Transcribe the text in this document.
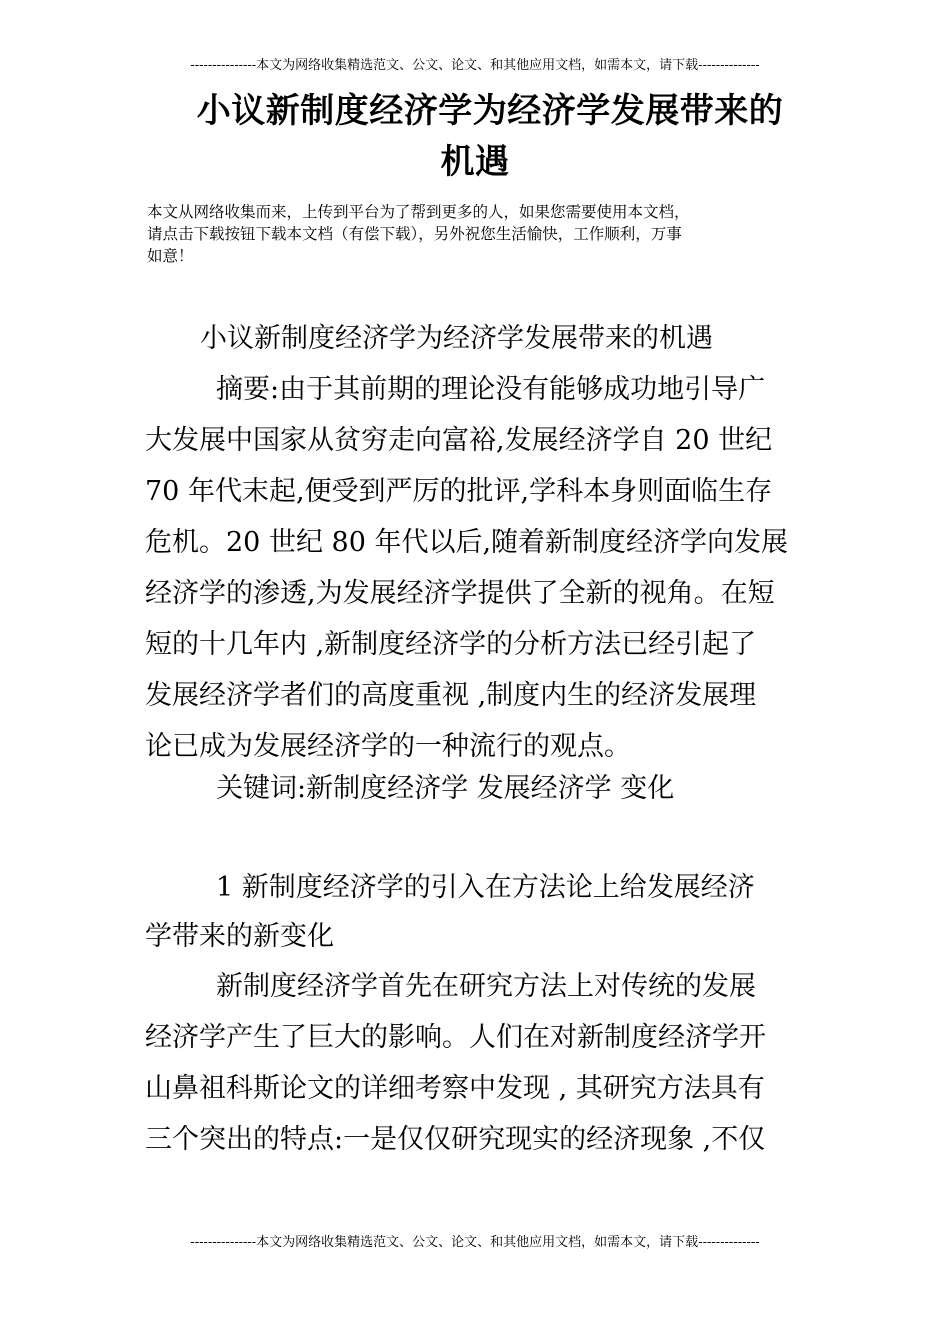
---------------本文为网络收集精选范文、公文、论文、和其他应用文档，如需本文，请下载--------------
小议新制度经济学为经济学发展带来的
机遇
本文从网络收集而来，上传到平台为了帮到更多的人，如果您需要使用本文档，
请点击下载按钮下载本文档（有偿下载），另外祝您生活愉快，工作顺利，万事
如意！
小议新制度经济学为经济学发展带来的机遇
摘要:由于其前期的理论没有能够成功地引导广
大发展中国家从贫穷走向富裕,发展经济学自 20 世纪
70 年代末起,便受到严厉的批评,学科本身则面临生存
危机。20 世纪 80 年代以后,随着新制度经济学向发展
经济学的渗透,为发展经济学提供了全新的视角。在短
短的十几年内 ,新制度经济学的分析方法已经引起了
发展经济学者们的高度重视 ,制度内生的经济发展理
论已成为发展经济学的一种流行的观点。
关键词:新制度经济学 发展经济学 变化
1 新制度经济学的引入在方法论上给发展经济
学带来的新变化
新制度经济学首先在研究方法上对传统的发展
经济学产生了巨大的影响。人们在对新制度经济学开
山鼻祖科斯论文的详细考察中发现 , 其研究方法具有
三个突出的特点:一是仅仅研究现实的经济现象 ,不仅
---------------本文为网络收集精选范文、公文、论文、和其他应用文档，如需本文，请下载--------------
